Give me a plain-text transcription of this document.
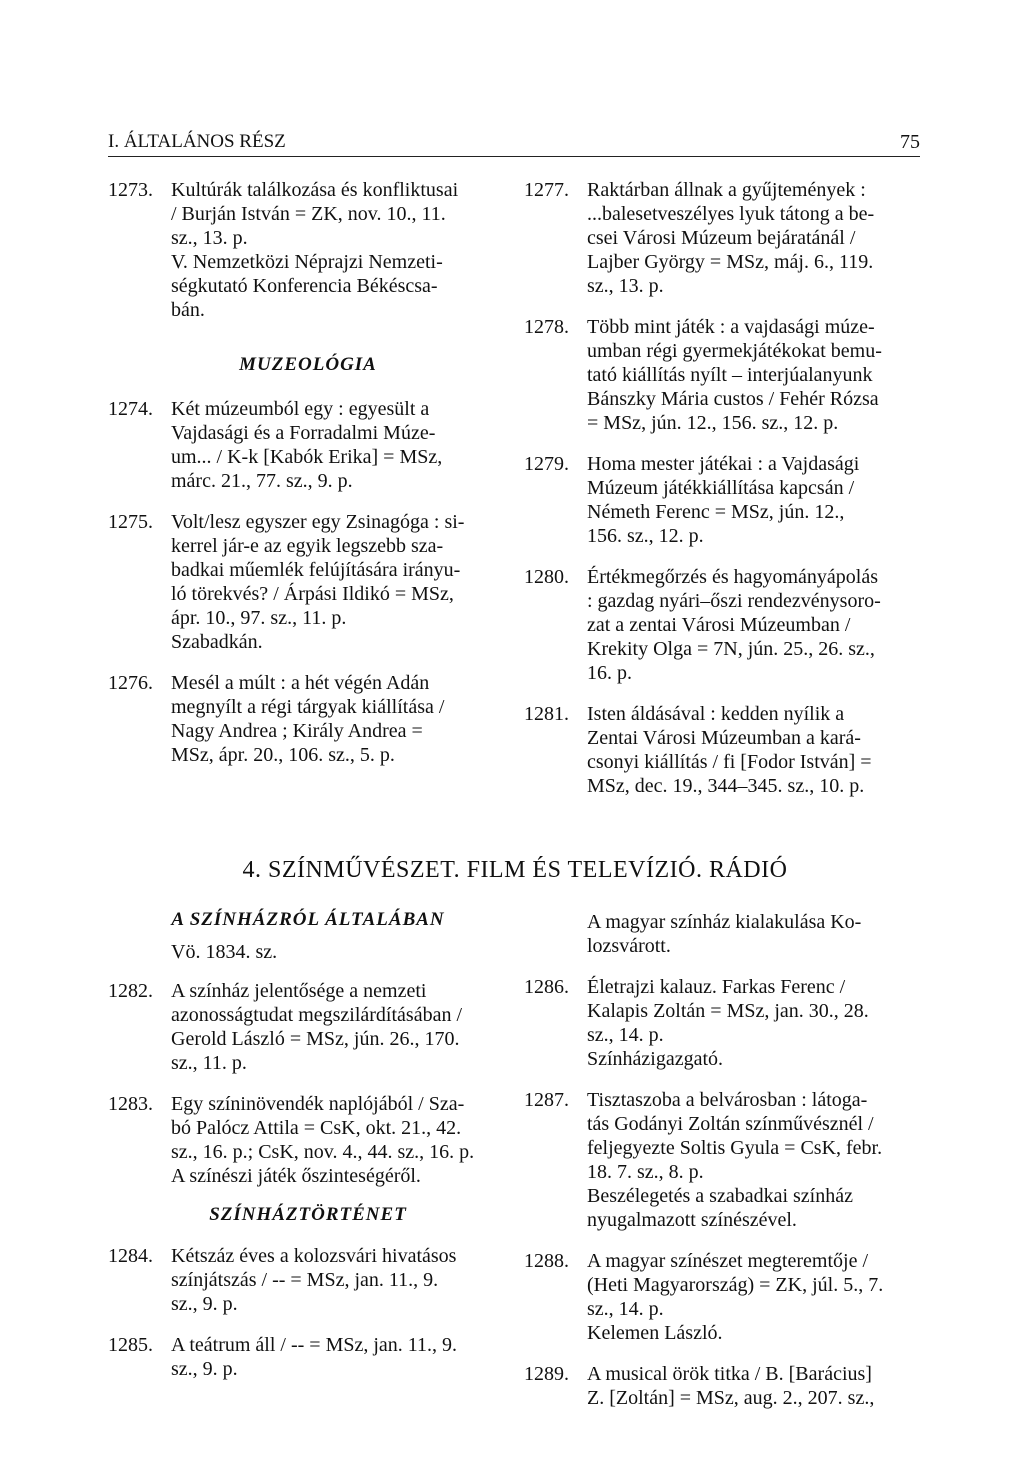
I. ÁLTALÁNOS RÉSZ	75
1273. Kultúrák találkozása és konfliktusai
/ Burján István = ZK, nov. 10., 11.
sz., 13. p.
V. Nemzetközi Néprajzi Nemzeti-
ségkutató Konferencia Békéscsa-
bán.
MUZEOLÓGIA
1274. Két múzeumból egy : egyesült a
Vajdasági és a Forradalmi Múze-
um... / K-k [Kabók Erika] = MSz,
márc. 21., 77. sz., 9. p.
1275. Volt/lesz egyszer egy Zsinagóga : si-
kerrel jár-e az egyik legszebb sza-
badkai műemlék felújítására irányu-
ló törekvés? / Árpási Ildikó = MSz,
ápr. 10., 97. sz., 11. p.
Szabadkán.
1276. Mesél a múlt : a hét végén Adán
megnyílt a régi tárgyak kiállítása /
Nagy Andrea ; Király Andrea =
MSz, ápr. 20., 106. sz., 5. p.
1277. Raktárban állnak a gyűjtemények :
...balesetveszélyes lyuk tátong a be-
csei Városi Múzeum bejáratánál /
Lajber György = MSz, máj. 6., 119.
sz., 13. p.
1278. Több mint játék : a vajdasági múze-
umban régi gyermekjátékokat bemu-
tató kiállítás nyílt – interjúalanyunk
Bánszky Mária custos / Fehér Rózsa
= MSz, jún. 12., 156. sz., 12. p.
1279. Homa mester játékai : a Vajdasági
Múzeum játékkiállítása kapcsán /
Németh Ferenc = MSz, jún. 12.,
156. sz., 12. p.
1280. Értékmegőrzés és hagyományápolás
: gazdag nyári–őszi rendezvénysoro-
zat a zentai Városi Múzeumban /
Krekity Olga = 7N, jún. 25., 26. sz.,
16. p.
1281. Isten áldásával : kedden nyílik a
Zentai Városi Múzeumban a kará-
csonyi kiállítás / fi [Fodor István] =
MSz, dec. 19., 344–345. sz., 10. p.
4. SZÍNMŰVÉSZET. FILM ÉS TELEVÍZIÓ. RÁDIÓ
A SZÍNHÁZRÓL ÁLTALÁBAN
Vö. 1834. sz.
1282. A színház jelentősége a nemzeti
azonosságtudat megszilárdításában /
Gerold László = MSz, jún. 26., 170.
sz., 11. p.
1283. Egy színinövendék naplójából / Sza-
bó Palócz Attila = CsK, okt. 21., 42.
sz., 16. p.; CsK, nov. 4., 44. sz., 16. p.
A színészi játék őszinteségéről.
SZÍNHÁZTÖRTÉNET
1284. Kétszáz éves a kolozsvári hivatásos
színjátszás / -- = MSz, jan. 11., 9.
sz., 9. p.
1285. A teátrum áll / -- = MSz, jan. 11., 9.
sz., 9. p.
A magyar színház kialakulása Ko-
lozsvárott.
1286. Életrajzi kalauz. Farkas Ferenc /
Kalapis Zoltán = MSz, jan. 30., 28.
sz., 14. p.
Színházigazgató.
1287. Tisztaszoba a belvárosban : látoga-
tás Godányi Zoltán színművésznél /
feljegyezte Soltis Gyula = CsK, febr.
18. 7. sz., 8. p.
Beszélegetés a szabadkai színház
nyugalmazott színészével.
1288. A magyar színészet megteremtője /
(Heti Magyarország) = ZK, júl. 5., 7.
sz., 14. p.
Kelemen László.
1289. A musical örök titka / B. [Barácius]
Z. [Zoltán] = MSz, aug. 2., 207. sz.,
